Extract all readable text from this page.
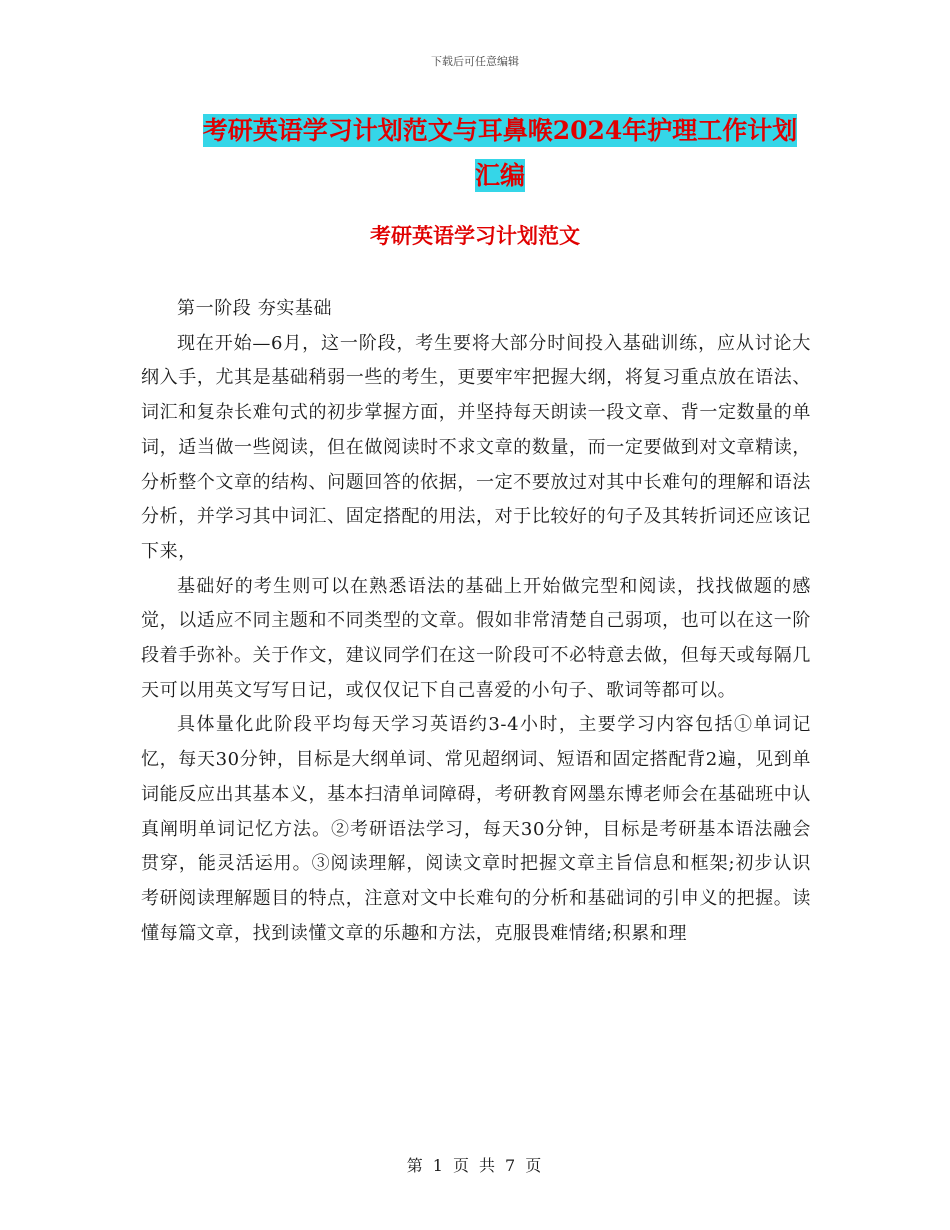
下载后可任意编辑
考研英语学习计划范文与耳鼻喉2024年护理工作计划
汇编
考研英语学习计划范文

第一阶段 夯实基础

现在开始—6月，这一阶段，考生要将大部分时间投入基础训练，应从讨论大纲入手，尤其是基础稍弱一些的考生，更要牢牢把握大纲，将复习重点放在语法、词汇和复杂长难句式的初步掌握方面，并坚持每天朗读一段文章、背一定数量的单词，适当做一些阅读，但在做阅读时不求文章的数量，而一定要做到对文章精读，分析整个文章的结构、问题回答的依据，一定不要放过对其中长难句的理解和语法分析，并学习其中词汇、固定搭配的用法，对于比较好的句子及其转折词还应该记下来，

基础好的考生则可以在熟悉语法的基础上开始做完型和阅读，找找做题的感觉，以适应不同主题和不同类型的文章。假如非常清楚自己弱项，也可以在这一阶段着手弥补。关于作文，建议同学们在这一阶段可不必特意去做，但每天或每隔几天可以用英文写写日记，或仅仅记下自己喜爱的小句子、歌词等都可以。

具体量化此阶段平均每天学习英语约3-4小时，主要学习内容包括①单词记忆，每天30分钟，目标是大纲单词、常见超纲词、短语和固定搭配背2遍，见到单词能反应出其基本义，基本扫清单词障碍，考研教育网墨东博老师会在基础班中认真阐明单词记忆方法。②考研语法学习，每天30分钟，目标是考研基本语法融会贯穿，能灵活运用。③阅读理解，阅读文章时把握文章主旨信息和框架;初步认识考研阅读理解题目的特点，注意对文中长难句的分析和基础词的引申义的把握。读懂每篇文章，找到读懂文章的乐趣和方法，克服畏难情绪;积累和理

第 1 页 共 7 页
